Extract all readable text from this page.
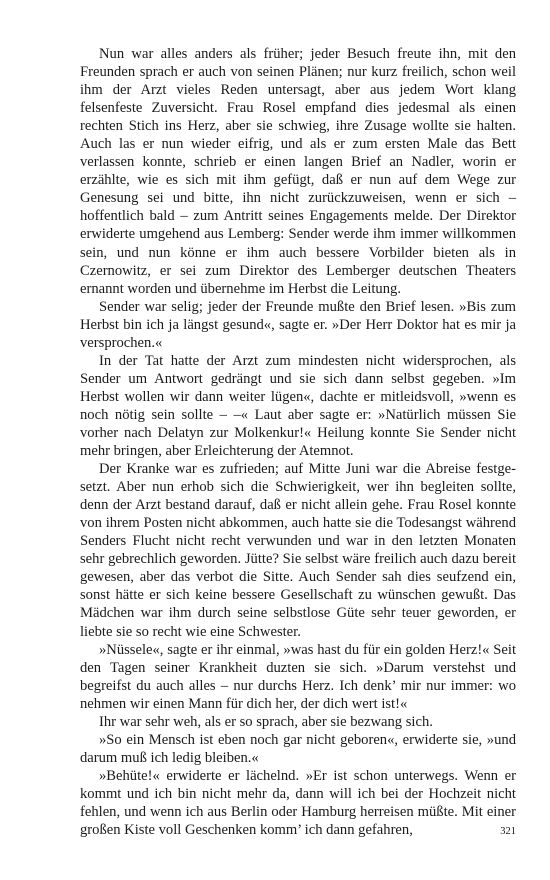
Nun war alles anders als früher; jeder Besuch freute ihn, mit den Freunden sprach er auch von seinen Plänen; nur kurz freilich, schon weil ihm der Arzt vieles Reden untersagt, aber aus jedem Wort klang felsenfeste Zuversicht. Frau Rosel empfand dies jedesmal als einen rechten Stich ins Herz, aber sie schwieg, ihre Zusage wollte sie halten. Auch las er nun wieder eifrig, und als er zum ersten Male das Bett verlassen konnte, schrieb er einen langen Brief an Nadler, worin er erzählte, wie es sich mit ihm gefügt, daß er nun auf dem Wege zur Genesung sei und bitte, ihn nicht zurückzuweisen, wenn er sich – hoffentlich bald – zum Antritt seines Engagements melde. Der Direktor erwiderte umgehend aus Lemberg: Sender werde ihm immer willkommen sein, und nun könne er ihm auch bessere Vorbilder bieten als in Czernowitz, er sei zum Direktor des Lemberger deutschen Theaters ernannt worden und übernehme im Herbst die Leitung.

Sender war selig; jeder der Freunde mußte den Brief lesen. »Bis zum Herbst bin ich ja längst gesund«, sagte er. »Der Herr Doktor hat es mir ja versprochen.«

In der Tat hatte der Arzt zum mindesten nicht widersprochen, als Sender um Antwort gedrängt und sie sich dann selbst gegeben. »Im Herbst wollen wir dann weiter lügen«, dachte er mitleidsvoll, »wenn es noch nötig sein sollte – –« Laut aber sagte er: »Natürlich müssen Sie vorher nach Delatyn zur Molkenkur!« Heilung konnte Sie Sender nicht mehr bringen, aber Erleichterung der Atemnot.

Der Kranke war es zufrieden; auf Mitte Juni war die Abreise festgesetzt. Aber nun erhob sich die Schwierigkeit, wer ihn begleiten sollte, denn der Arzt bestand darauf, daß er nicht allein gehe. Frau Rosel konnte von ihrem Posten nicht abkommen, auch hatte sie die Todesangst während Senders Flucht nicht recht verwunden und war in den letzten Monaten sehr gebrechlich geworden. Jütte? Sie selbst wäre freilich auch dazu bereit gewesen, aber das verbot die Sitte. Auch Sender sah dies seufzend ein, sonst hätte er sich keine bessere Gesellschaft zu wünschen gewußt. Das Mädchen war ihm durch seine selbstlose Güte sehr teuer geworden, er liebte sie so recht wie eine Schwester.

»Nüssele«, sagte er ihr einmal, »was hast du für ein golden Herz!« Seit den Tagen seiner Krankheit duzten sie sich. »Darum verstehst und begreifst du auch alles – nur durchs Herz. Ich denk’ mir nur immer: wo nehmen wir einen Mann für dich her, der dich wert ist!«

Ihr war sehr weh, als er so sprach, aber sie bezwang sich.

»So ein Mensch ist eben noch gar nicht geboren«, erwiderte sie, »und darum muß ich ledig bleiben.«

»Behüte!« erwiderte er lächelnd. »Er ist schon unterwegs. Wenn er kommt und ich bin nicht mehr da, dann will ich bei der Hochzeit nicht fehlen, und wenn ich aus Berlin oder Hamburg herreisen müßte. Mit einer großen Kiste voll Geschenken komm’ ich dann gefahren,	321
